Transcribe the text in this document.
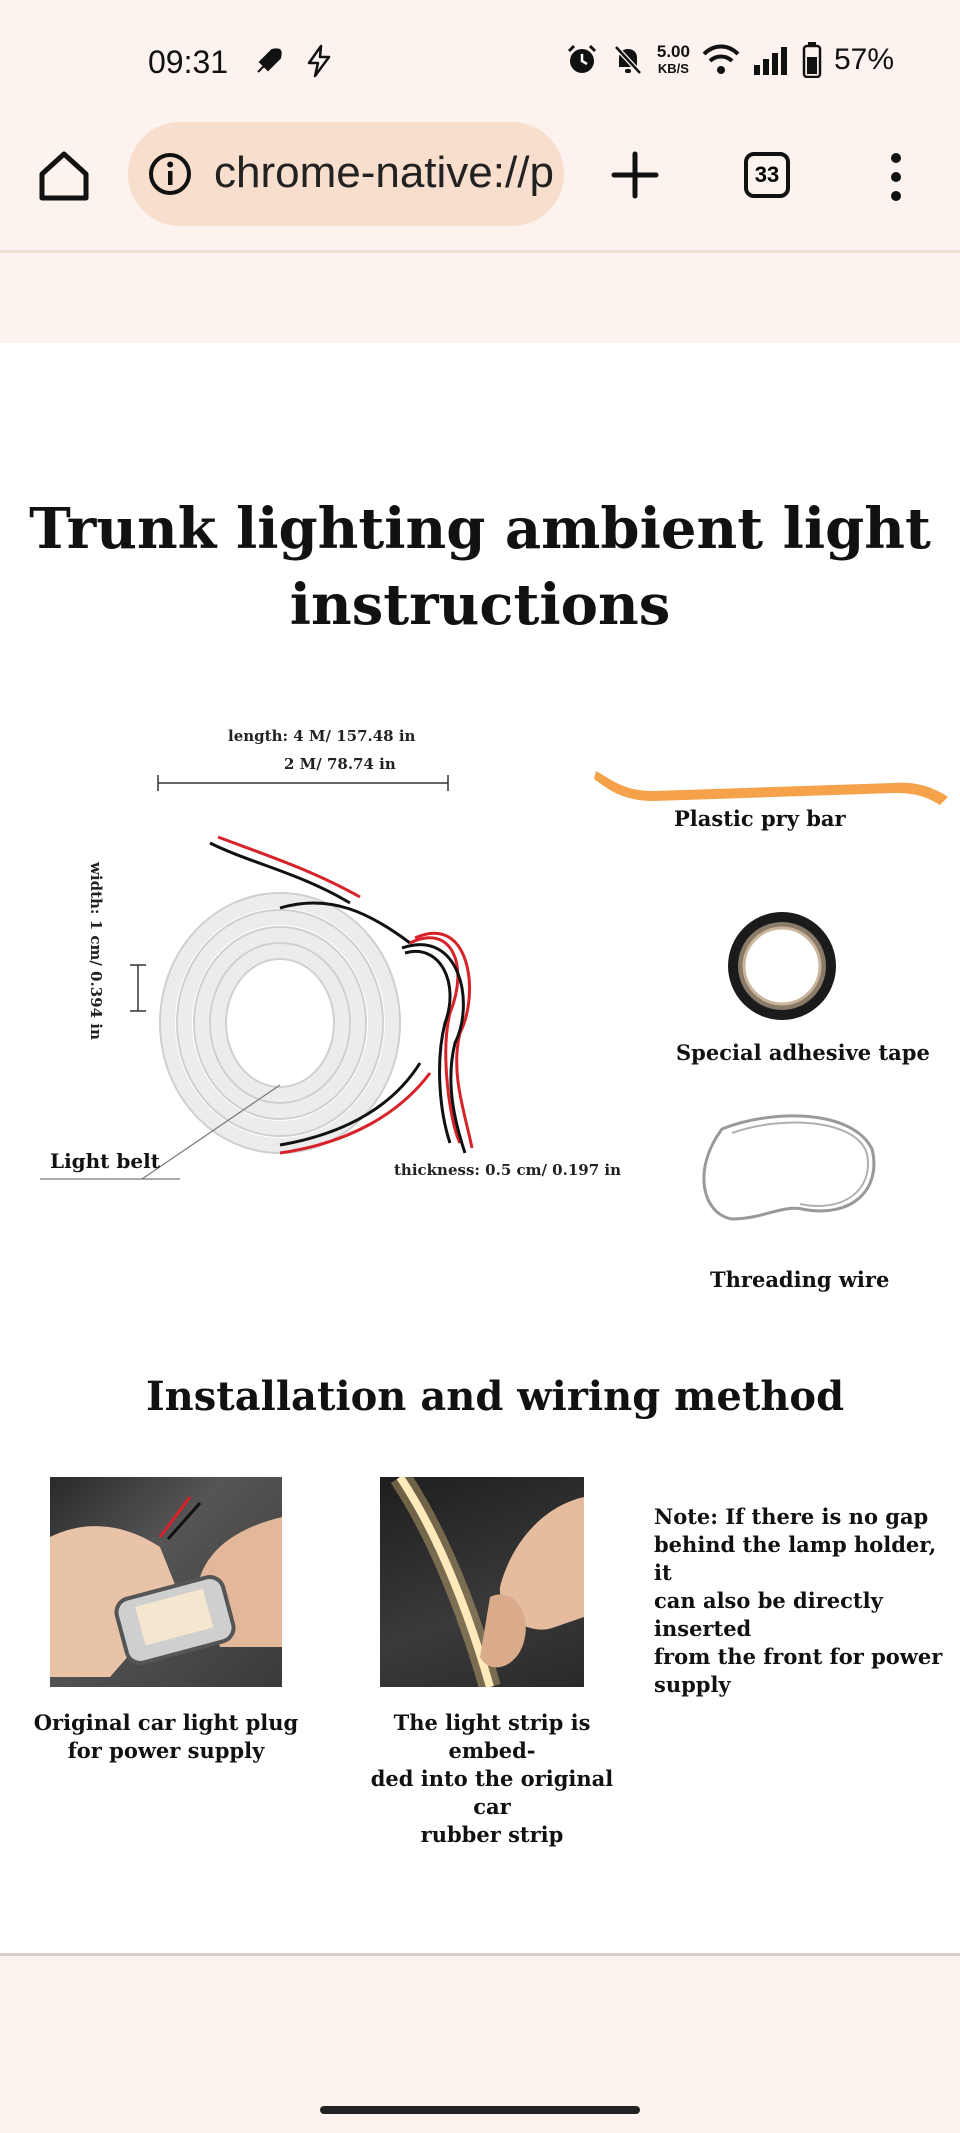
09:31	5.00
KB/S	57%
chrome-native://p	33
Trunk lighting ambient light
instructions
length: 4 M/ 157.48 in
2 M/ 78.74 in
width: 1 cm/ 0.394 in
Light belt	thickness: 0.5 cm/ 0.197 in
Plastic pry bar
Special adhesive tape
Threading wire
Installation and wiring method
Original car light plug
for power supply
The light strip is embed-
ded into the original car
rubber strip
Note: If there is no gap
behind the lamp holder, it
can also be directly inserted
from the front for power
supply
